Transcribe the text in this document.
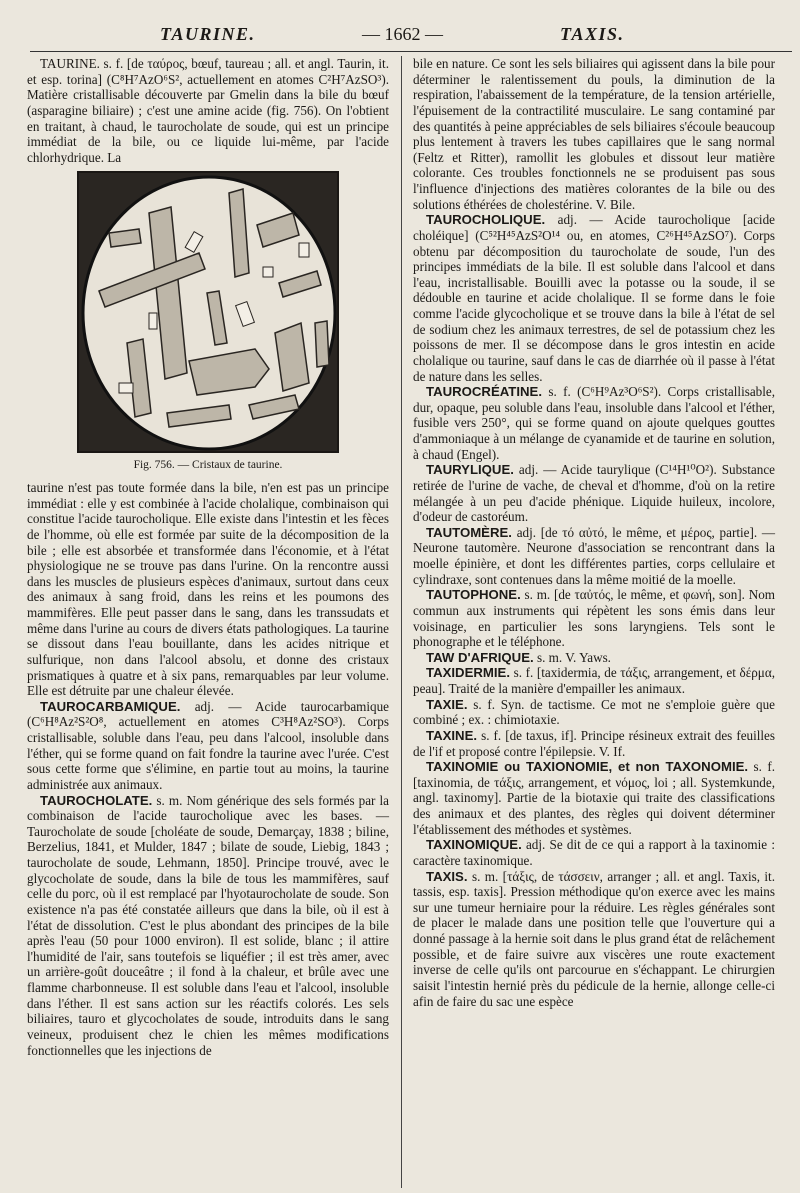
TAURINE.	— 1662 —	TAXIS.

TAURINE. s. f. [de ταύρος, bœuf, taureau ; all. et angl. Taurin, it. et esp. torina] (C⁸H⁷AzO⁶S², actuellement en atomes C²H⁷AzSO³). Matière cristallisable découverte par Gmelin dans la bile du bœuf (asparagine biliaire) ; c'est une amine acide (fig. 756). On l'obtient en traitant, à chaud, le taurocholate de soude, qui est un principe immédiat de la bile, ou ce liquide lui-même, par l'acide chlorhydrique. La

Fig. 756. — Cristaux de taurine.

taurine n'est pas toute formée dans la bile, n'en est pas un principe immédiat : elle y est combinée à l'acide cholalique, combinaison qui constitue l'acide taurocholique. Elle existe dans l'intestin et les fèces de l'homme, où elle est formée par suite de la décomposition de la bile ; elle est absorbée et transformée dans l'économie, et à l'état physiologique ne se trouve pas dans l'urine. On la rencontre aussi dans les muscles de plusieurs espèces d'animaux, surtout dans ceux des animaux à sang froid, dans les reins et les poumons des mammifères. Elle peut passer dans le sang, dans les transsudats et même dans l'urine au cours de divers états pathologiques. La taurine se dissout dans l'eau bouillante, dans les acides nitrique et sulfurique, non dans l'alcool absolu, et donne des cristaux prismatiques à quatre et à six pans, remarquables par leur volume. Elle est détruite par une chaleur élevée.

TAUROCARBAMIQUE. adj. — Acide taurocarbamique (C⁶H⁸Az²S²O⁸, actuellement en atomes C³H⁸Az²SO³). Corps cristallisable, soluble dans l'eau, peu dans l'alcool, insoluble dans l'éther, qui se forme quand on fait fondre la taurine avec l'urée. C'est sous cette forme que s'élimine, en partie tout au moins, la taurine administrée aux animaux.

TAUROCHOLATE. s. m. Nom générique des sels formés par la combinaison de l'acide taurocholique avec les bases. — Taurocholate de soude [choléate de soude, Demarçay, 1838 ; biline, Berzelius, 1841, et Mulder, 1847 ; bilate de soude, Liebig, 1843 ; taurocholate de soude, Lehmann, 1850]. Principe trouvé, avec le glycocholate de soude, dans la bile de tous les mammifères, sauf celle du porc, où il est remplacé par l'hyotaurocholate de soude. Son existence n'a pas été constatée ailleurs que dans la bile, où il est à l'état de dissolution. C'est le plus abondant des principes de la bile après l'eau (50 pour 1000 environ). Il est solide, blanc ; il attire l'humidité de l'air, sans toutefois se liquéfier ; il est très amer, avec un arrière-goût douceâtre ; il fond à la chaleur, et brûle avec une flamme charbonneuse. Il est soluble dans l'eau et l'alcool, insoluble dans l'éther. Il est sans action sur les réactifs colorés. Les sels biliaires, tauro et glycocholates de soude, introduits dans le sang veineux, produisent chez le chien les mêmes modifications fonctionnelles que les injections de

bile en nature. Ce sont les sels biliaires qui agissent dans la bile pour déterminer le ralentissement du pouls, la diminution de la respiration, l'abaissement de la température, de la tension artérielle, l'épuisement de la contractilité musculaire. Le sang contaminé par des quantités à peine appréciables de sels biliaires s'écoule beaucoup plus lentement à travers les tubes capillaires que le sang normal (Feltz et Ritter), ramollit les globules et dissout leur matière colorante. Ces troubles fonctionnels ne se produisent pas sous l'influence d'injections des matières colorantes de la bile ou des solutions éthérées de cholestérine. V. Bile.

TAUROCHOLIQUE. adj. — Acide taurocholique [acide choléique] (C⁵²H⁴⁵AzS²O¹⁴ ou, en atomes, C²⁶H⁴⁵AzSO⁷). Corps obtenu par décomposition du taurocholate de soude, l'un des principes immédiats de la bile. Il est soluble dans l'alcool et dans l'eau, incristallisable. Bouilli avec la potasse ou la soude, il se dédouble en taurine et acide cholalique. Il se forme dans le foie comme l'acide glycocholique et se trouve dans la bile à l'état de sel de sodium chez les animaux terrestres, de sel de potassium chez les poissons de mer. Il se décompose dans le gros intestin en acide cholalique ou taurine, sauf dans le cas de diarrhée où il passe à l'état de nature dans les selles.

TAUROCRÉATINE. s. f. (C⁶H⁹Az³O⁶S²). Corps cristallisable, dur, opaque, peu soluble dans l'eau, insoluble dans l'alcool et l'éther, fusible vers 250°, qui se forme quand on ajoute quelques gouttes d'ammoniaque à un mélange de cyanamide et de taurine en solution, à chaud (Engel).

TAURYLIQUE. adj. — Acide taurylique (C¹⁴H¹⁰O²). Substance retirée de l'urine de vache, de cheval et d'homme, d'où on la retire mélangée à un peu d'acide phénique. Liquide huileux, incolore, d'odeur de castoréum.

TAUTOMÈRE. adj. [de τό αὐτό, le même, et μέρος, partie]. — Neurone tautomère. Neurone d'association se rencontrant dans la moelle épinière, et dont les différentes parties, corps cellulaire et cylindraxe, sont contenues dans la même moitié de la moelle.

TAUTOPHONE. s. m. [de ταὐτός, le même, et φωνή, son]. Nom commun aux instruments qui répètent les sons émis dans leur voisinage, en particulier les sons laryngiens. Tels sont le phonographe et le téléphone.

TAW D'AFRIQUE. s. m. V. Yaws.

TAXIDERMIE. s. f. [taxidermia, de τάξις, arrangement, et δέρμα, peau]. Traité de la manière d'empailler les animaux.

TAXIE. s. f. Syn. de tactisme. Ce mot ne s'emploie guère que combiné ; ex. : chimiotaxie.

TAXINE. s. f. [de taxus, if]. Principe résineux extrait des feuilles de l'if et proposé contre l'épilepsie. V. If.

TAXINOMIE ou TAXIONOMIE, et non TAXONOMIE. s. f. [taxinomia, de τάξις, arrangement, et νόμος, loi ; all. Systemkunde, angl. taxinomy]. Partie de la biotaxie qui traite des classifications des animaux et des plantes, des règles qui doivent déterminer l'établissement des méthodes et systèmes.

TAXINOMIQUE. adj. Se dit de ce qui a rapport à la taxinomie : caractère taxinomique.

TAXIS. s. m. [τάξις, de τάσσειν, arranger ; all. et angl. Taxis, it. tassis, esp. taxis]. Pression méthodique qu'on exerce avec les mains sur une tumeur herniaire pour la réduire. Les règles générales sont de placer le malade dans une position telle que l'ouverture qui a donné passage à la hernie soit dans le plus grand état de relâchement possible, et de faire suivre aux viscères une route exactement inverse de celle qu'ils ont parcourue en s'échappant. Le chirurgien saisit l'intestin hernié près du pédicule de la hernie, allonge celle-ci afin de faire du sac une espèce
